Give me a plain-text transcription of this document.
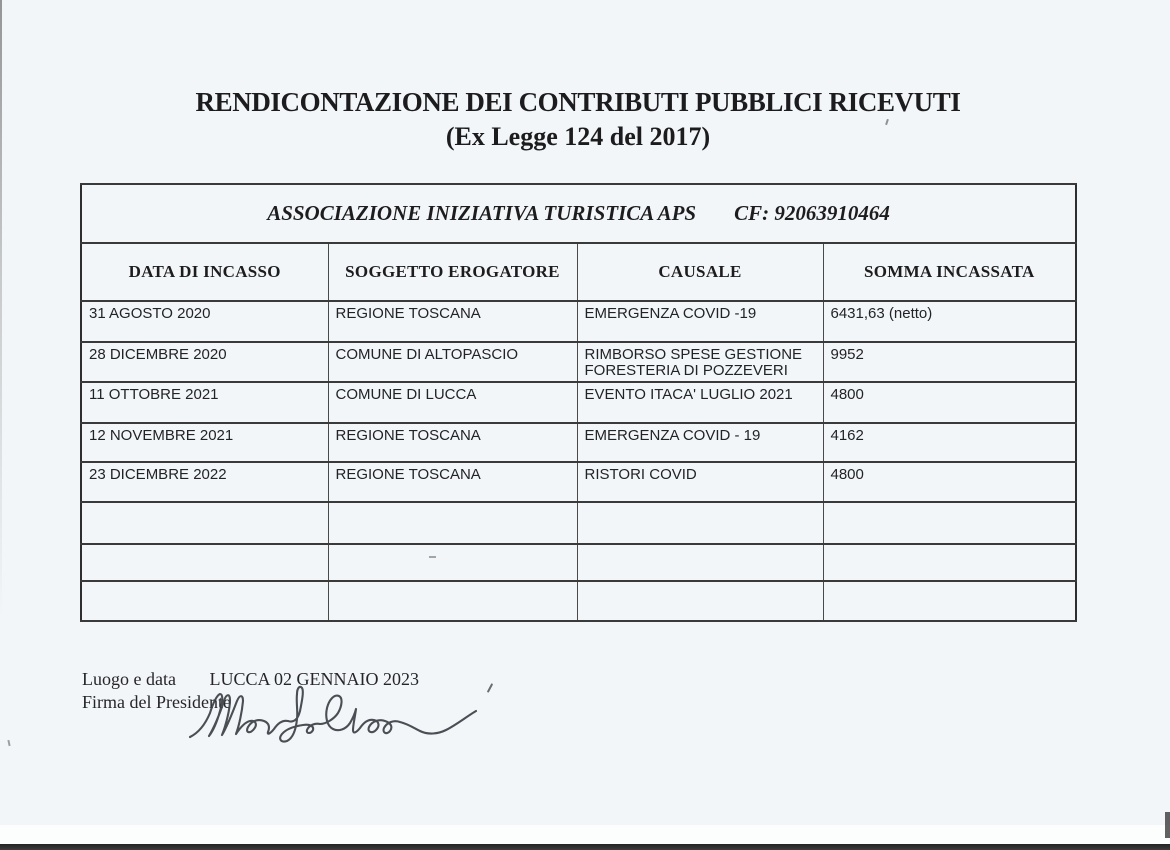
RENDICONTAZIONE DEI CONTRIBUTI PUBBLICI RICEVUTI
(Ex Legge 124 del 2017)
ASSOCIAZIONE INIZIATIVA TURISTICA APS CF: 92063910464			

DATA DI INCASSO	SOGGETTO EROGATORE	CAUSALE	SOMMA INCASSATA
31 AGOSTO 2020	REGIONE TOSCANA	EMERGENZA COVID -19	6431,63 (netto)
28 DICEMBRE 2020	COMUNE DI ALTOPASCIO	RIMBORSO SPESE GESTIONE FORESTERIA DI POZZEVERI	9952
11 OTTOBRE 2021	COMUNE DI LUCCA	EVENTO ITACA' LUGLIO 2021	4800
12 NOVEMBRE 2021	REGIONE TOSCANA	EMERGENZA COVID - 19	4162
23 DICEMBRE 2022	REGIONE TOSCANA	RISTORI COVID	4800

Luogo e data LUCCA 02 GENNAIO 2023
Firma del Presidente
